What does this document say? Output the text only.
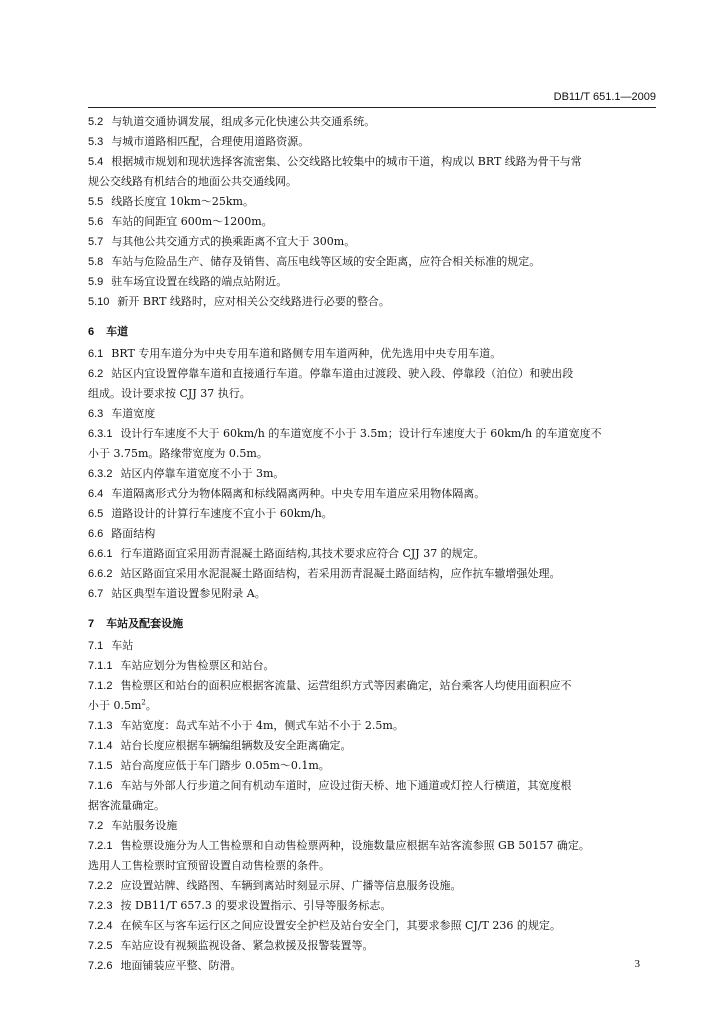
DB11/T 651.1—2009
5.2 与轨道交通协调发展，组成多元化快速公共交通系统。
5.3 与城市道路相匹配，合理使用道路资源。
5.4 根据城市规划和现状选择客流密集、公交线路比较集中的城市干道，构成以 BRT 线路为骨干与常
规公交线路有机结合的地面公共交通线网。
5.5 线路长度宜 10km～25km。
5.6 车站的间距宜 600m～1200m。
5.7 与其他公共交通方式的换乘距离不宜大于 300m。
5.8 车站与危险品生产、储存及销售、高压电线等区域的安全距离，应符合相关标准的规定。
5.9 驻车场宜设置在线路的端点站附近。
5.10 新开 BRT 线路时，应对相关公交线路进行必要的整合。
6 车道
6.1 BRT 专用车道分为中央专用车道和路侧专用车道两种，优先选用中央专用车道。
6.2 站区内宜设置停靠车道和直接通行车道。停靠车道由过渡段、驶入段、停靠段（泊位）和驶出段
组成。设计要求按 CJJ 37 执行。
6.3 车道宽度
6.3.1 设计行车速度不大于 60km/h 的车道宽度不小于 3.5m；设计行车速度大于 60km/h 的车道宽度不
小于 3.75m。路缘带宽度为 0.5m。
6.3.2 站区内停靠车道宽度不小于 3m。
6.4 车道隔离形式分为物体隔离和标线隔离两种。中央专用车道应采用物体隔离。
6.5 道路设计的计算行车速度不宜小于 60km/h。
6.6 路面结构
6.6.1 行车道路面宜采用沥青混凝土路面结构,其技术要求应符合 CJJ 37 的规定。
6.6.2 站区路面宜采用水泥混凝土路面结构，若采用沥青混凝土路面结构，应作抗车辙增强处理。
6.7 站区典型车道设置参见附录 A。
7 车站及配套设施
7.1 车站
7.1.1 车站应划分为售检票区和站台。
7.1.2 售检票区和站台的面积应根据客流量、运营组织方式等因素确定，站台乘客人均使用面积应不
小于 $0.5m^2$。
7.1.3 车站宽度：岛式车站不小于 4m，侧式车站不小于 2.5m。
7.1.4 站台长度应根据车辆编组辆数及安全距离确定。
7.1.5 站台高度应低于车门踏步 0.05m～0.1m。
7.1.6 车站与外部人行步道之间有机动车道时，应设过街天桥、地下通道或灯控人行横道，其宽度根
据客流量确定。
7.2 车站服务设施
7.2.1 售检票设施分为人工售检票和自动售检票两种，设施数量应根据车站客流参照 GB 50157 确定。
选用人工售检票时宜预留设置自动售检票的条件。
7.2.2 应设置站牌、线路图、车辆到离站时刻显示屏、广播等信息服务设施。
7.2.3 按 DB11/T 657.3 的要求设置指示、引导等服务标志。
7.2.4 在候车区与客车运行区之间应设置安全护栏及站台安全门，其要求参照 CJ/T 236 的规定。
7.2.5 车站应设有视频监视设备、紧急救援及报警装置等。
7.2.6 地面铺装应平整、防滑。	3
